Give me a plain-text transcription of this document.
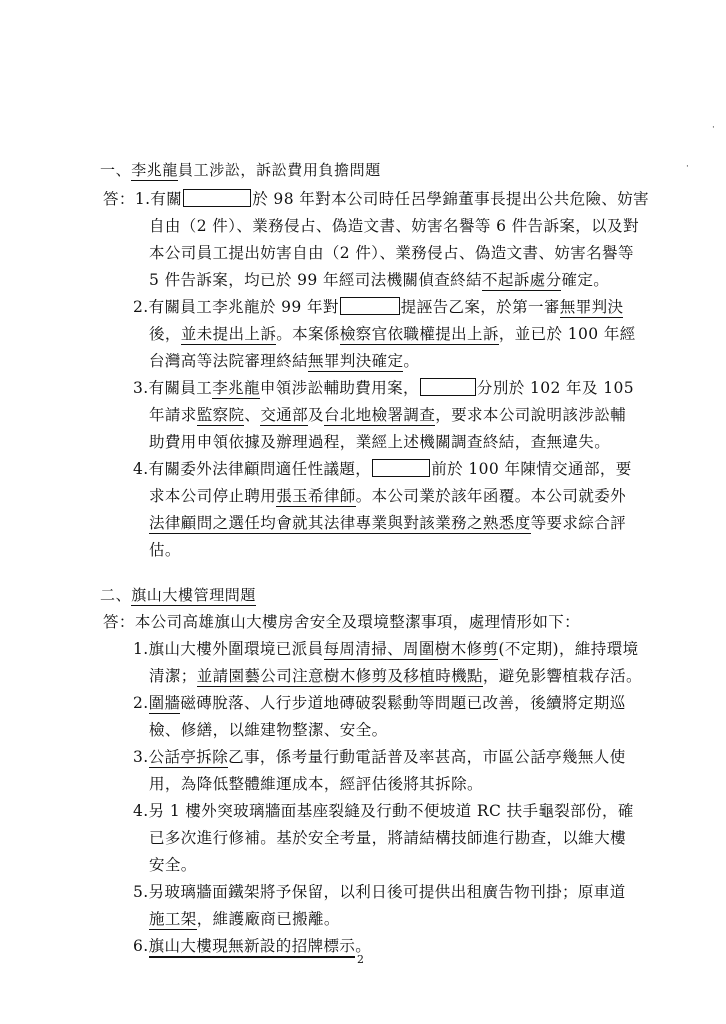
·
·
一、李兆龍員工涉訟，訴訟費用負擔問題
答：1.有關	於 98 年對本公司時任呂學錦董事長提出公共危險、妨害
自由（2 件）、業務侵占、偽造文書、妨害名譽等 6 件告訴案，以及對
本公司員工提出妨害自由（2 件）、業務侵占、偽造文書、妨害名譽等
5 件告訴案，均已於 99 年經司法機關偵查終結不起訴處分確定。
2.有關員工李兆龍於 99 年對	提誣告乙案，於第一審無罪判決
後，並未提出上訴。本案係檢察官依職權提出上訴，並已於 100 年經
台灣高等法院審理終結無罪判決確定。
3.有關員工李兆龍申領涉訟輔助費用案，	分別於 102 年及 105
年請求監察院、交通部及台北地檢署調查，要求本公司說明該涉訟輔
助費用申領依據及辦理過程，業經上述機關調查終結，查無違失。
4.有關委外法律顧問適任性議題，	前於 100 年陳情交通部，要
求本公司停止聘用張玉希律師。本公司業於該年函覆。本公司就委外
法律顧問之選任均會就其法律專業與對該業務之熟悉度等要求綜合評
估。
二、旗山大樓管理問題
答：本公司高雄旗山大樓房舍安全及環境整潔事項，處理情形如下：
1.旗山大樓外圍環境已派員每周清掃、周圍樹木修剪(不定期)，維持環境
清潔；並請園藝公司注意樹木修剪及移植時機點，避免影響植栽存活。
2.圍牆磁磚脫落、人行步道地磚破裂鬆動等問題已改善，後續將定期巡
檢、修繕，以維建物整潔、安全。
3.公話亭拆除乙事，係考量行動電話普及率甚高，市區公話亭幾無人使
用，為降低整體維運成本，經評估後將其拆除。
4.另 1 樓外突玻璃牆面基座裂縫及行動不便坡道 RC 扶手龜裂部份，確
已多次進行修補。基於安全考量，將請結構技師進行勘查，以維大樓
安全。
5.另玻璃牆面鐵架將予保留，以利日後可提供出租廣告物刊掛；原車道
施工架，維護廠商已搬離。
6.旗山大樓現無新設的招牌標示。
2
